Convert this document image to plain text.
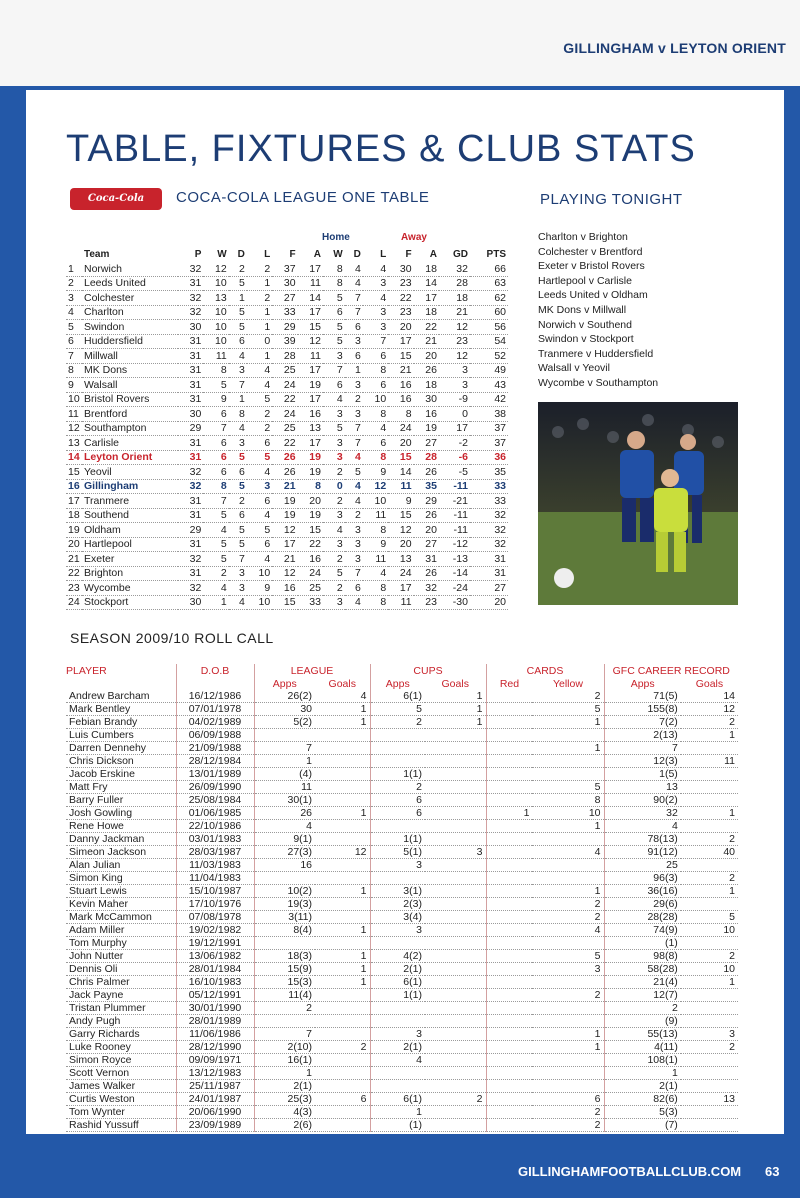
GILLINGHAM v LEYTON ORIENT
TABLE, FIXTURES & CLUB STATS
Coca-Cola LEAGUE 1
COCA-COLA LEAGUE ONE TABLE	PLAYING TONIGHT
Home	Away
	Team	P	W	D	L	F	A	W	D	L	F	A	GD	PTS
1	Norwich	32	12	2	2	37	17	8	4	4	30	18	32	66
2	Leeds United	31	10	5	1	30	11	8	4	3	23	14	28	63
3	Colchester	32	13	1	2	27	14	5	7	4	22	17	18	62
4	Charlton	32	10	5	1	33	17	6	7	3	23	18	21	60
5	Swindon	30	10	5	1	29	15	5	6	3	20	22	12	56
6	Huddersfield	31	10	6	0	39	12	5	3	7	17	21	23	54
7	Millwall	31	11	4	1	28	11	3	6	6	15	20	12	52
8	MK Dons	31	8	3	4	25	17	7	1	8	21	26	3	49
9	Walsall	31	5	7	4	24	19	6	3	6	16	18	3	43
10	Bristol Rovers	31	9	1	5	22	17	4	2	10	16	30	-9	42
11	Brentford	30	6	8	2	24	16	3	3	8	8	16	0	38
12	Southampton	29	7	4	2	25	13	5	7	4	24	19	17	37
13	Carlisle	31	6	3	6	22	17	3	7	6	20	27	-2	37
14	Leyton Orient	31	6	5	5	26	19	3	4	8	15	28	-6	36
15	Yeovil	32	6	6	4	26	19	2	5	9	14	26	-5	35
16	Gillingham	32	8	5	3	21	8	0	4	12	11	35	-11	33
17	Tranmere	31	7	2	6	19	20	2	4	10	9	29	-21	33
18	Southend	31	5	6	4	19	19	3	2	11	15	26	-11	32
19	Oldham	29	4	5	5	12	15	4	3	8	12	20	-11	32
20	Hartlepool	31	5	5	6	17	22	3	3	9	20	27	-12	32
21	Exeter	32	5	7	4	21	16	2	3	11	13	31	-13	31
22	Brighton	31	2	3	10	12	24	5	7	4	24	26	-14	31
23	Wycombe	32	4	3	9	16	25	2	6	8	17	32	-24	27
24	Stockport	30	1	4	10	15	33	3	4	8	11	23	-30	20
Charlton v Brighton
Colchester v Brentford
Exeter v Bristol Rovers
Hartlepool v Carlisle
Leeds United v Oldham
MK Dons v Millwall
Norwich v Southend
Swindon v Stockport
Tranmere v Huddersfield
Walsall v Yeovil
Wycombe v Southampton
SEASON 2009/10 ROLL CALL
PLAYER	D.O.B	LEAGUE		CUPS		CARDS		GFC CAREER RECORD	
		Apps	Goals	Apps	Goals	Red	Yellow	Apps	Goals
Andrew Barcham	16/12/1986	26(2)	4	6(1)	1		2	71(5)	14
Mark Bentley	07/01/1978	30	1	5	1		5	155(8)	12
Febian Brandy	04/02/1989	5(2)	1	2	1		1	7(2)	2
Luis Cumbers	06/09/1988							2(13)	1
Darren Dennehy	21/09/1988	7					1	7	
Chris Dickson	28/12/1984	1						12(3)	11
Jacob Erskine	13/01/1989	(4)		1(1)				1(5)	
Matt Fry	26/09/1990	11		2			5	13	
Barry Fuller	25/08/1984	30(1)		6			8	90(2)	
Josh Gowling	01/06/1985	26	1	6		1	10	32	1
Rene Howe	22/10/1986	4					1	4	
Danny Jackman	03/01/1983	9(1)		1(1)				78(13)	2
Simeon Jackson	28/03/1987	27(3)	12	5(1)	3		4	91(12)	40
Alan Julian	11/03/1983	16		3				25	
Simon King	11/04/1983							96(3)	2
Stuart Lewis	15/10/1987	10(2)	1	3(1)			1	36(16)	1
Kevin Maher	17/10/1976	19(3)		2(3)			2	29(6)	
Mark McCammon	07/08/1978	3(11)		3(4)			2	28(28)	5
Adam Miller	19/02/1982	8(4)	1	3			4	74(9)	10
Tom Murphy	19/12/1991							(1)	
John Nutter	13/06/1982	18(3)	1	4(2)			5	98(8)	2
Dennis Oli	28/01/1984	15(9)	1	2(1)			3	58(28)	10
Chris Palmer	16/10/1983	15(3)	1	6(1)				21(4)	1
Jack Payne	05/12/1991	11(4)		1(1)			2	12(7)	
Tristan Plummer	30/01/1990	2						2	
Andy Pugh	28/01/1989							(9)	
Garry Richards	11/06/1986	7		3			1	55(13)	3
Luke Rooney	28/12/1990	2(10)	2	2(1)			1	4(11)	2
Simon Royce	09/09/1971	16(1)		4				108(1)	
Scott Vernon	13/12/1983	1						1	
James Walker	25/11/1987	2(1)						2(1)	
Curtis Weston	24/01/1987	25(3)	6	6(1)	2		6	82(6)	13
Tom Wynter	20/06/1990	4(3)		1			2	5(3)	
Rashid Yussuff	23/09/1989	2(6)		(1)			2	(7)	
GILLINGHAMFOOTBALLCLUB.COM 63
